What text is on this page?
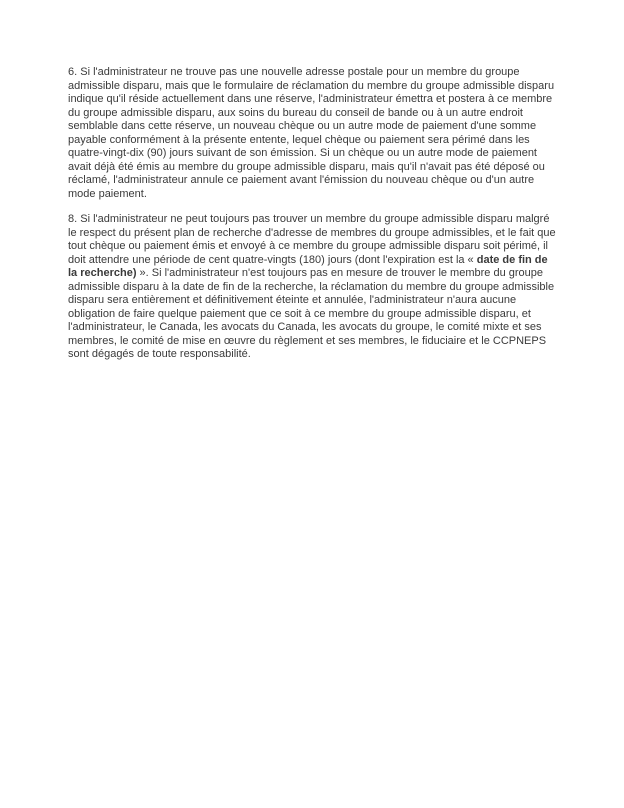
6. Si l'administrateur ne trouve pas une nouvelle adresse postale pour un membre du groupe admissible disparu, mais que le formulaire de réclamation du membre du groupe admissible disparu indique qu'il réside actuellement dans une réserve, l'administrateur émettra et postera à ce membre du groupe admissible disparu, aux soins du bureau du conseil de bande ou à un autre endroit semblable dans cette réserve, un nouveau chèque ou un autre mode de paiement d'une somme payable conformément à la présente entente, lequel chèque ou paiement sera périmé dans les quatre-vingt-dix (90) jours suivant de son émission. Si un chèque ou un autre mode de paiement avait déjà été émis au membre du groupe admissible disparu, mais qu'il n'avait pas été déposé ou réclamé, l'administrateur annule ce paiement avant l'émission du nouveau chèque ou d'un autre mode paiement.

8. Si l'administrateur ne peut toujours pas trouver un membre du groupe admissible disparu malgré le respect du présent plan de recherche d'adresse de membres du groupe admissibles, et le fait que tout chèque ou paiement émis et envoyé à ce membre du groupe admissible disparu soit périmé, il doit attendre une période de cent quatre-vingts (180) jours (dont l'expiration est la « date de fin de la recherche) ». Si l'administrateur n'est toujours pas en mesure de trouver le membre du groupe admissible disparu à la date de fin de la recherche, la réclamation du membre du groupe admissible disparu sera entièrement et définitivement éteinte et annulée, l'administrateur n'aura aucune obligation de faire quelque paiement que ce soit à ce membre du groupe admissible disparu, et l'administrateur, le Canada, les avocats du Canada, les avocats du groupe, le comité mixte et ses membres, le comité de mise en œuvre du règlement et ses membres, le fiduciaire et le CCPNEPS sont dégagés de toute responsabilité.
